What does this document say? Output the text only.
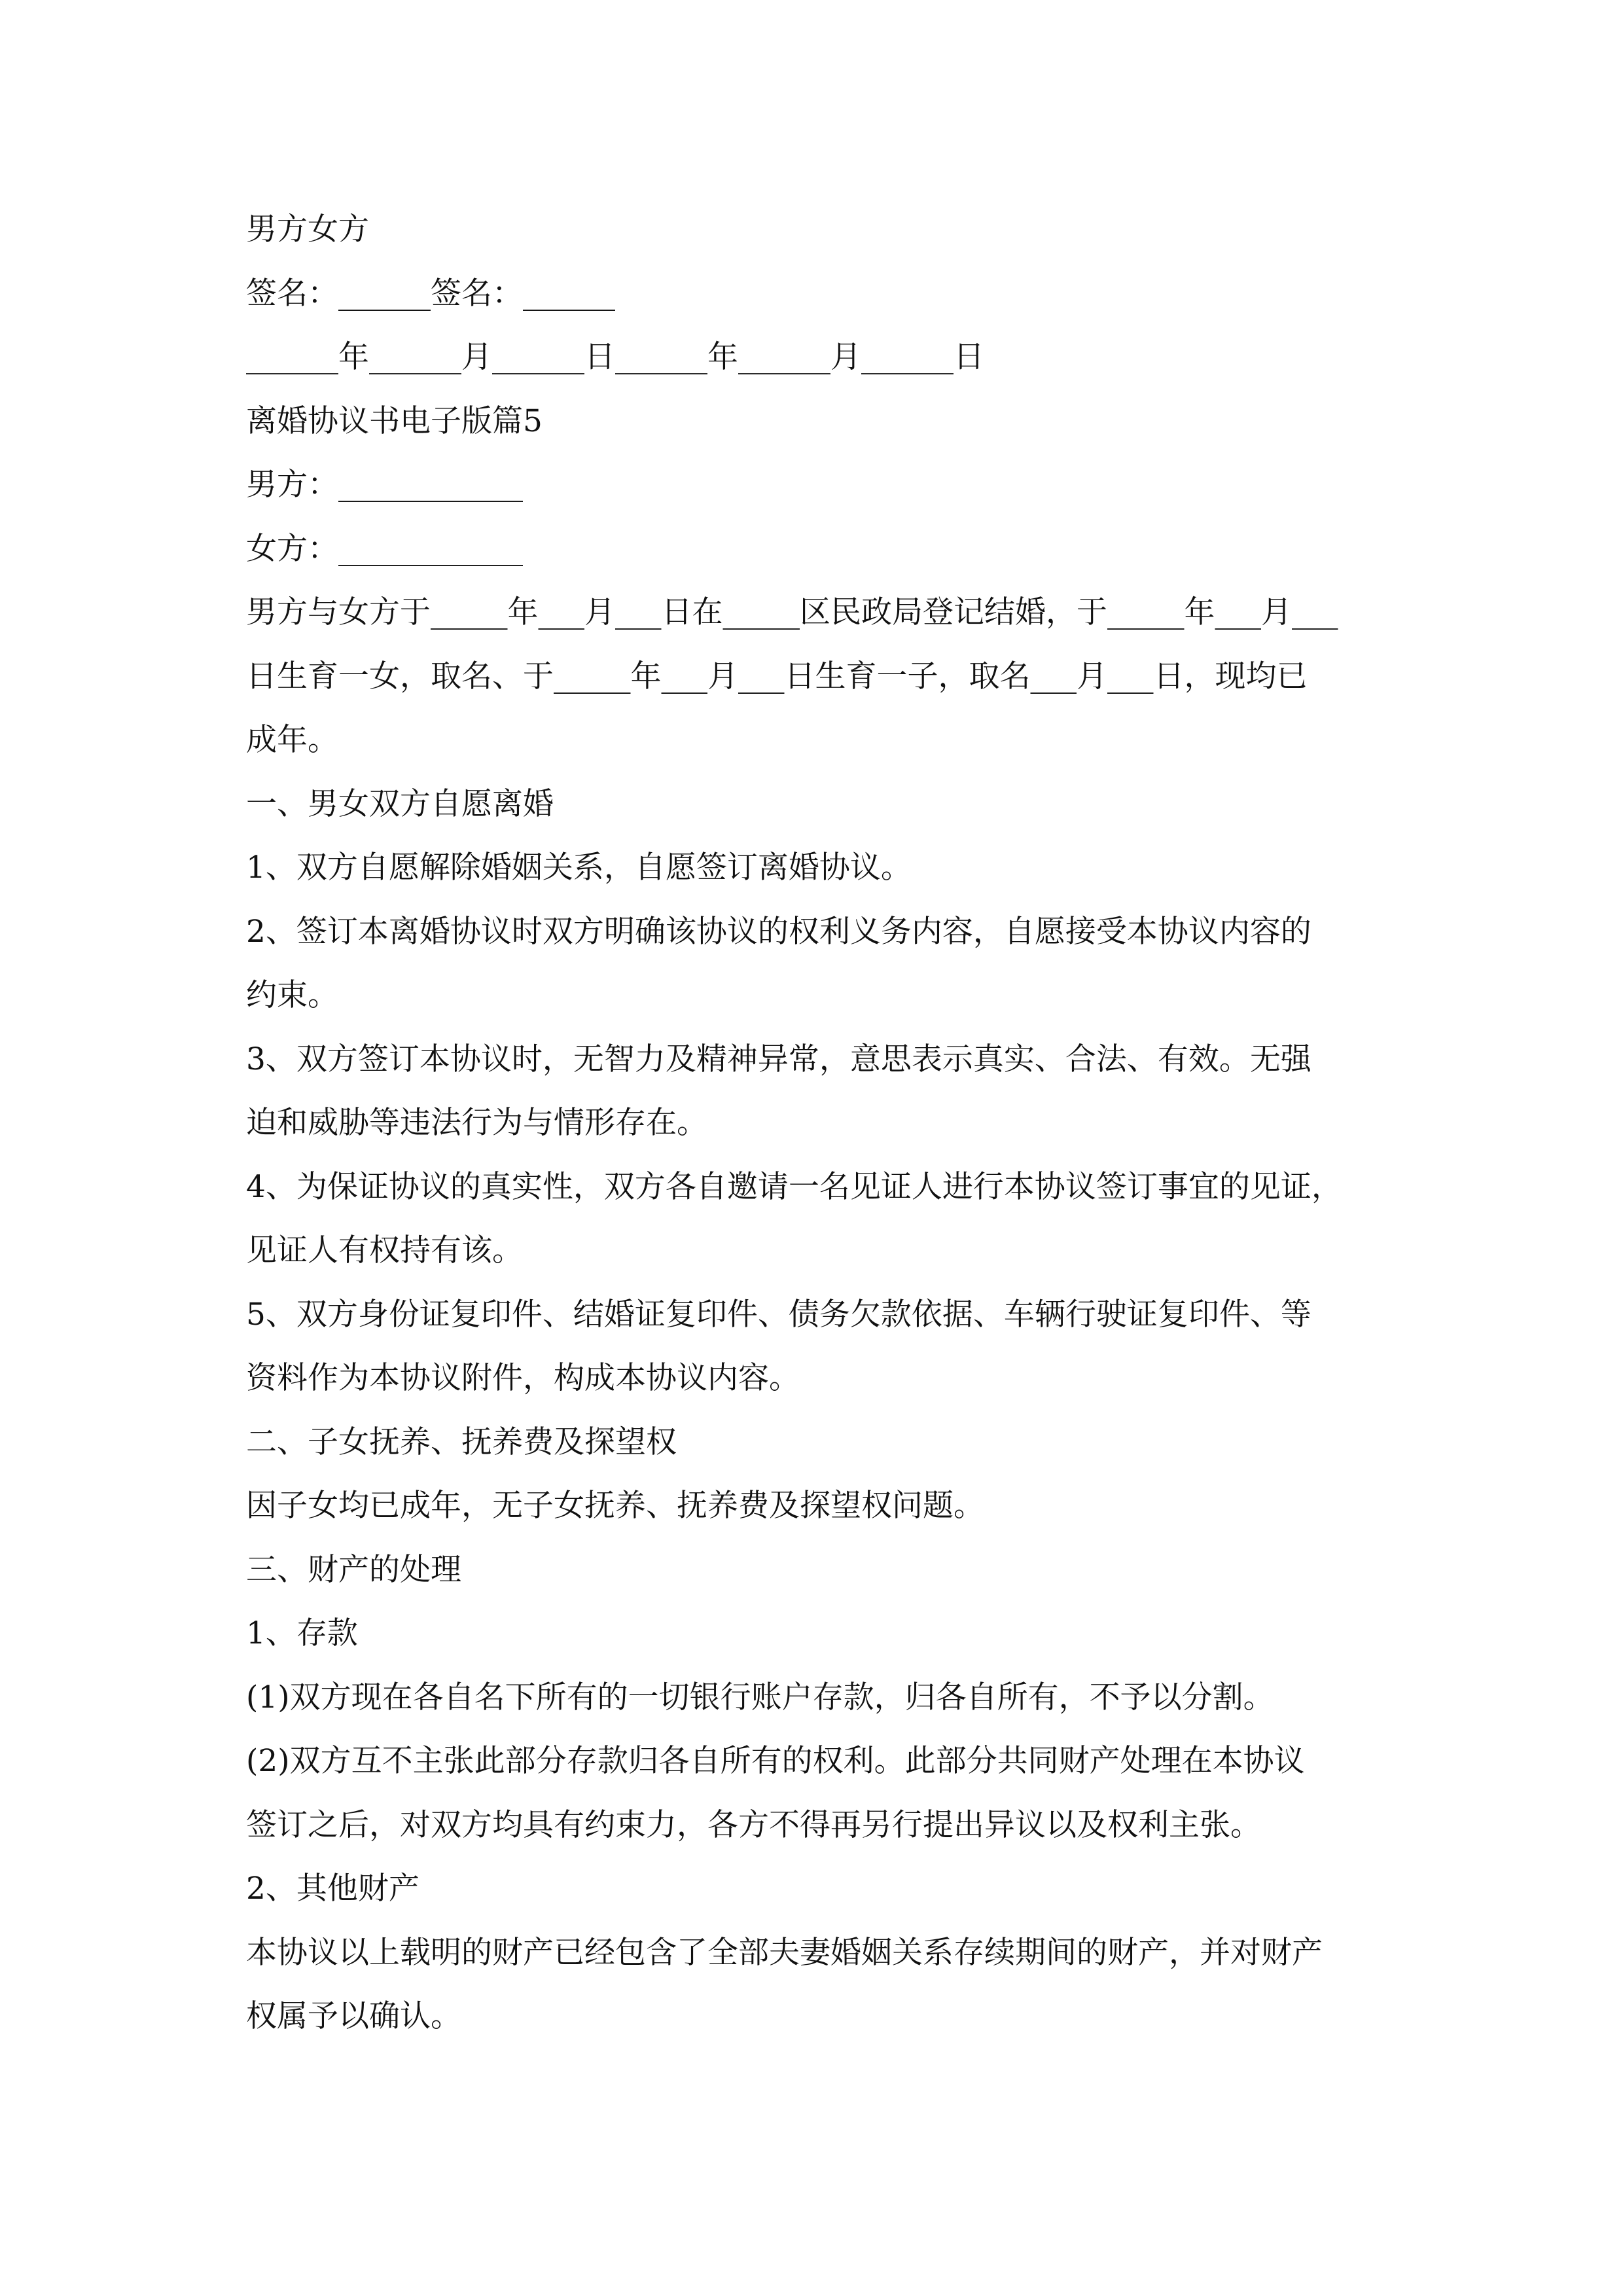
男方女方
签名：______签名：______
______年______月______日______年______月______日
离婚协议书电子版篇5
男方：____________
女方：____________
男方与女方于_____年___月___日在_____区民政局登记结婚，于_____年___月___
日生育一女，取名、于_____年___月___日生育一子，取名___月___日，现均已
成年。
一、男女双方自愿离婚
1、双方自愿解除婚姻关系，自愿签订离婚协议。
2、签订本离婚协议时双方明确该协议的权利义务内容，自愿接受本协议内容的
约束。
3、双方签订本协议时，无智力及精神异常，意思表示真实、合法、有效。无强
迫和威胁等违法行为与情形存在。
4、为保证协议的真实性，双方各自邀请一名见证人进行本协议签订事宜的见证，
见证人有权持有该。
5、双方身份证复印件、结婚证复印件、债务欠款依据、车辆行驶证复印件、等
资料作为本协议附件，构成本协议内容。
二、子女抚养、抚养费及探望权
因子女均已成年，无子女抚养、抚养费及探望权问题。
三、财产的处理
1、存款
(1)双方现在各自名下所有的一切银行账户存款，归各自所有，不予以分割。
(2)双方互不主张此部分存款归各自所有的权利。此部分共同财产处理在本协议
签订之后，对双方均具有约束力，各方不得再另行提出异议以及权利主张。
2、其他财产
本协议以上载明的财产已经包含了全部夫妻婚姻关系存续期间的财产，并对财产
权属予以确认。
